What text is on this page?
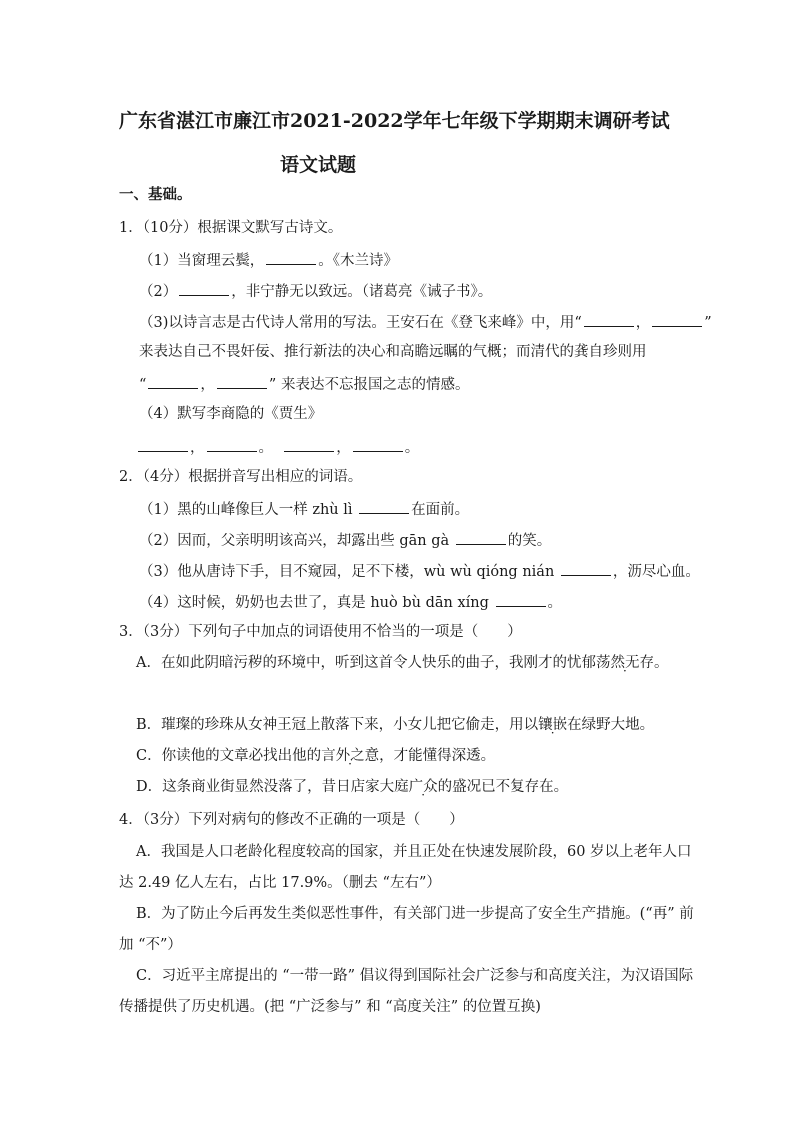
广东省湛江市廉江市2021-2022学年七年级下学期期末调研考试
语文试题
一、基础。
1．（10分）根据课文默写古诗文。
（1）当窗理云鬓，	。《木兰诗》
（2）	，非宁静无以致远。（诸葛亮《诫子书》。
（3)以诗言志是古代诗人常用的写法。王安石在《登飞来峰》中，用“	，	”
来表达自己不畏奸佞、推行新法的决心和高瞻远瞩的气概；而清代的龚自珍则用
“	，	” 来表达不忘报国之志的情感。
（4）默写李商隐的《贾生》
，	。	，	。
2．（4分）根据拼音写出相应的词语。
（1）黑的山峰像巨人一样 zhù lì	在面前。
（2）因而，父亲明明该高兴，却露出些 gān gà	的笑。
（3）他从唐诗下手，目不窥园，足不下楼，wù wù qióng nián	，沥尽心血。
（4）这时候，奶奶也去世了，真是 huò bù dān xíng	。
3．（3分）下列句子中加点的词语使用不恰当的一项是（　　）
A．在如此阴暗污秽的环境中，听到这首令人快乐的曲子，我刚才的忧郁荡然无存。
B．璀璨的珍珠从女神王冠上散落下来，小女儿把它偷走，用以镶嵌在绿野大地。
C．你读他的文章必找出他的言外之意，才能懂得深透。
D．这条商业街显然没落了，昔日店家大庭广众的盛况已不复存在。
4．（3分）下列对病句的修改不正确的一项是（　　）
A．我国是人口老龄化程度较高的国家，并且正处在快速发展阶段，60 岁以上老年人口
达 2.49 亿人左右，占比 17.9%。（删去 “左右”）
B．为了防止今后再发生类似恶性事件，有关部门进一步提高了安全生产措施。(“再” 前
加 “不”）
C．习近平主席提出的 “一带一路” 倡议得到国际社会广泛参与和高度关注，为汉语国际
传播提供了历史机遇。(把 “广泛参与” 和 “高度关注” 的位置互换)
